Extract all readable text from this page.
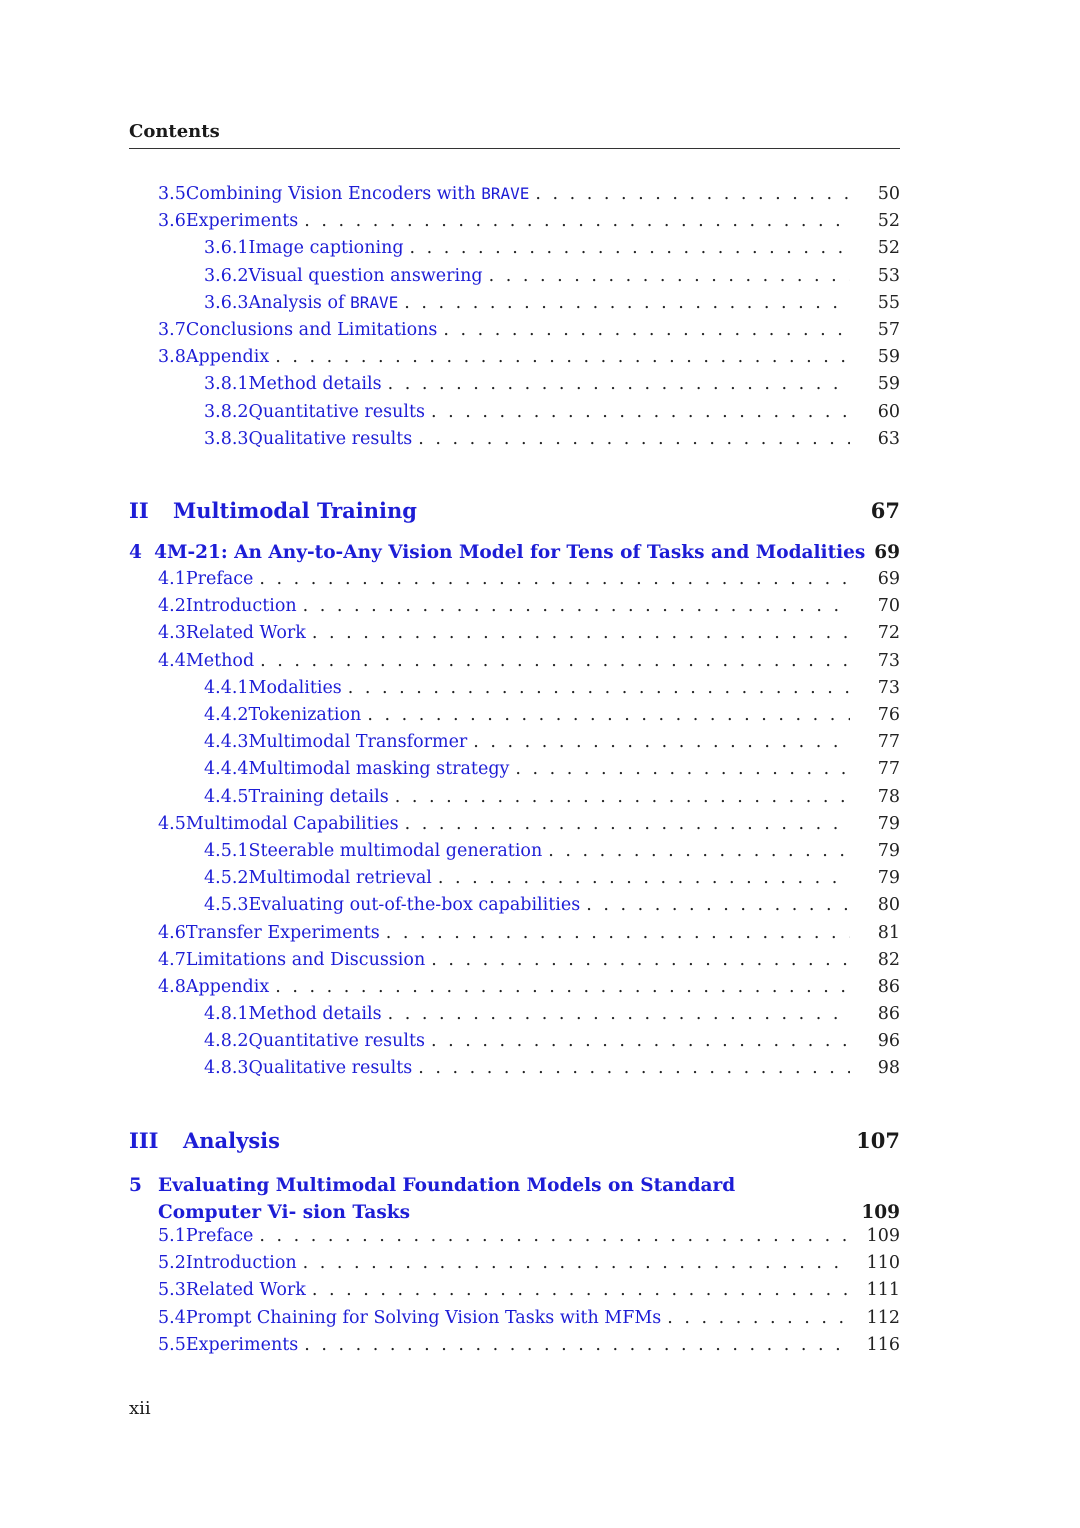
Contents
3.5 Combining Vision Encoders with BRAVE . . .	50
3.6 Experiments . . .	52
3.6.1 Image captioning . . .	52
3.6.2 Visual question answering . . .	53
3.6.3 Analysis of BRAVE . . .	55
3.7 Conclusions and Limitations . . .	57
3.8 Appendix . . .	59
3.8.1 Method details . . .	59
3.8.2 Quantitative results . . .	60
3.8.3 Qualitative results . . .	63
II	Multimodal Training	67
4 4M-21: An Any-to-Any Vision Model for Tens of Tasks and Modalities 69
4.1 Preface . . .	69
4.2 Introduction . . .	70
4.3 Related Work . . .	72
4.4 Method . . .	73
4.4.1 Modalities . . .	73
4.4.2 Tokenization . . .	76
4.4.3 Multimodal Transformer . . .	77
4.4.4 Multimodal masking strategy . . .	77
4.4.5 Training details . . .	78
4.5 Multimodal Capabilities . . .	79
4.5.1 Steerable multimodal generation . . .	79
4.5.2 Multimodal retrieval . . .	79
4.5.3 Evaluating out-of-the-box capabilities . . .	80
4.6 Transfer Experiments . . .	81
4.7 Limitations and Discussion . . .	82
4.8 Appendix . . .	86
4.8.1 Method details . . .	86
4.8.2 Quantitative results . . .	96
4.8.3 Qualitative results . . .	98
III	Analysis	107
5 Evaluating Multimodal Foundation Models on Standard Computer Vi- sion Tasks	109
5.1 Preface . . .	109
5.2 Introduction . . .	110
5.3 Related Work . . .	111
5.4 Prompt Chaining for Solving Vision Tasks with MFMs . . .	112
5.5 Experiments . . .	116
xii
